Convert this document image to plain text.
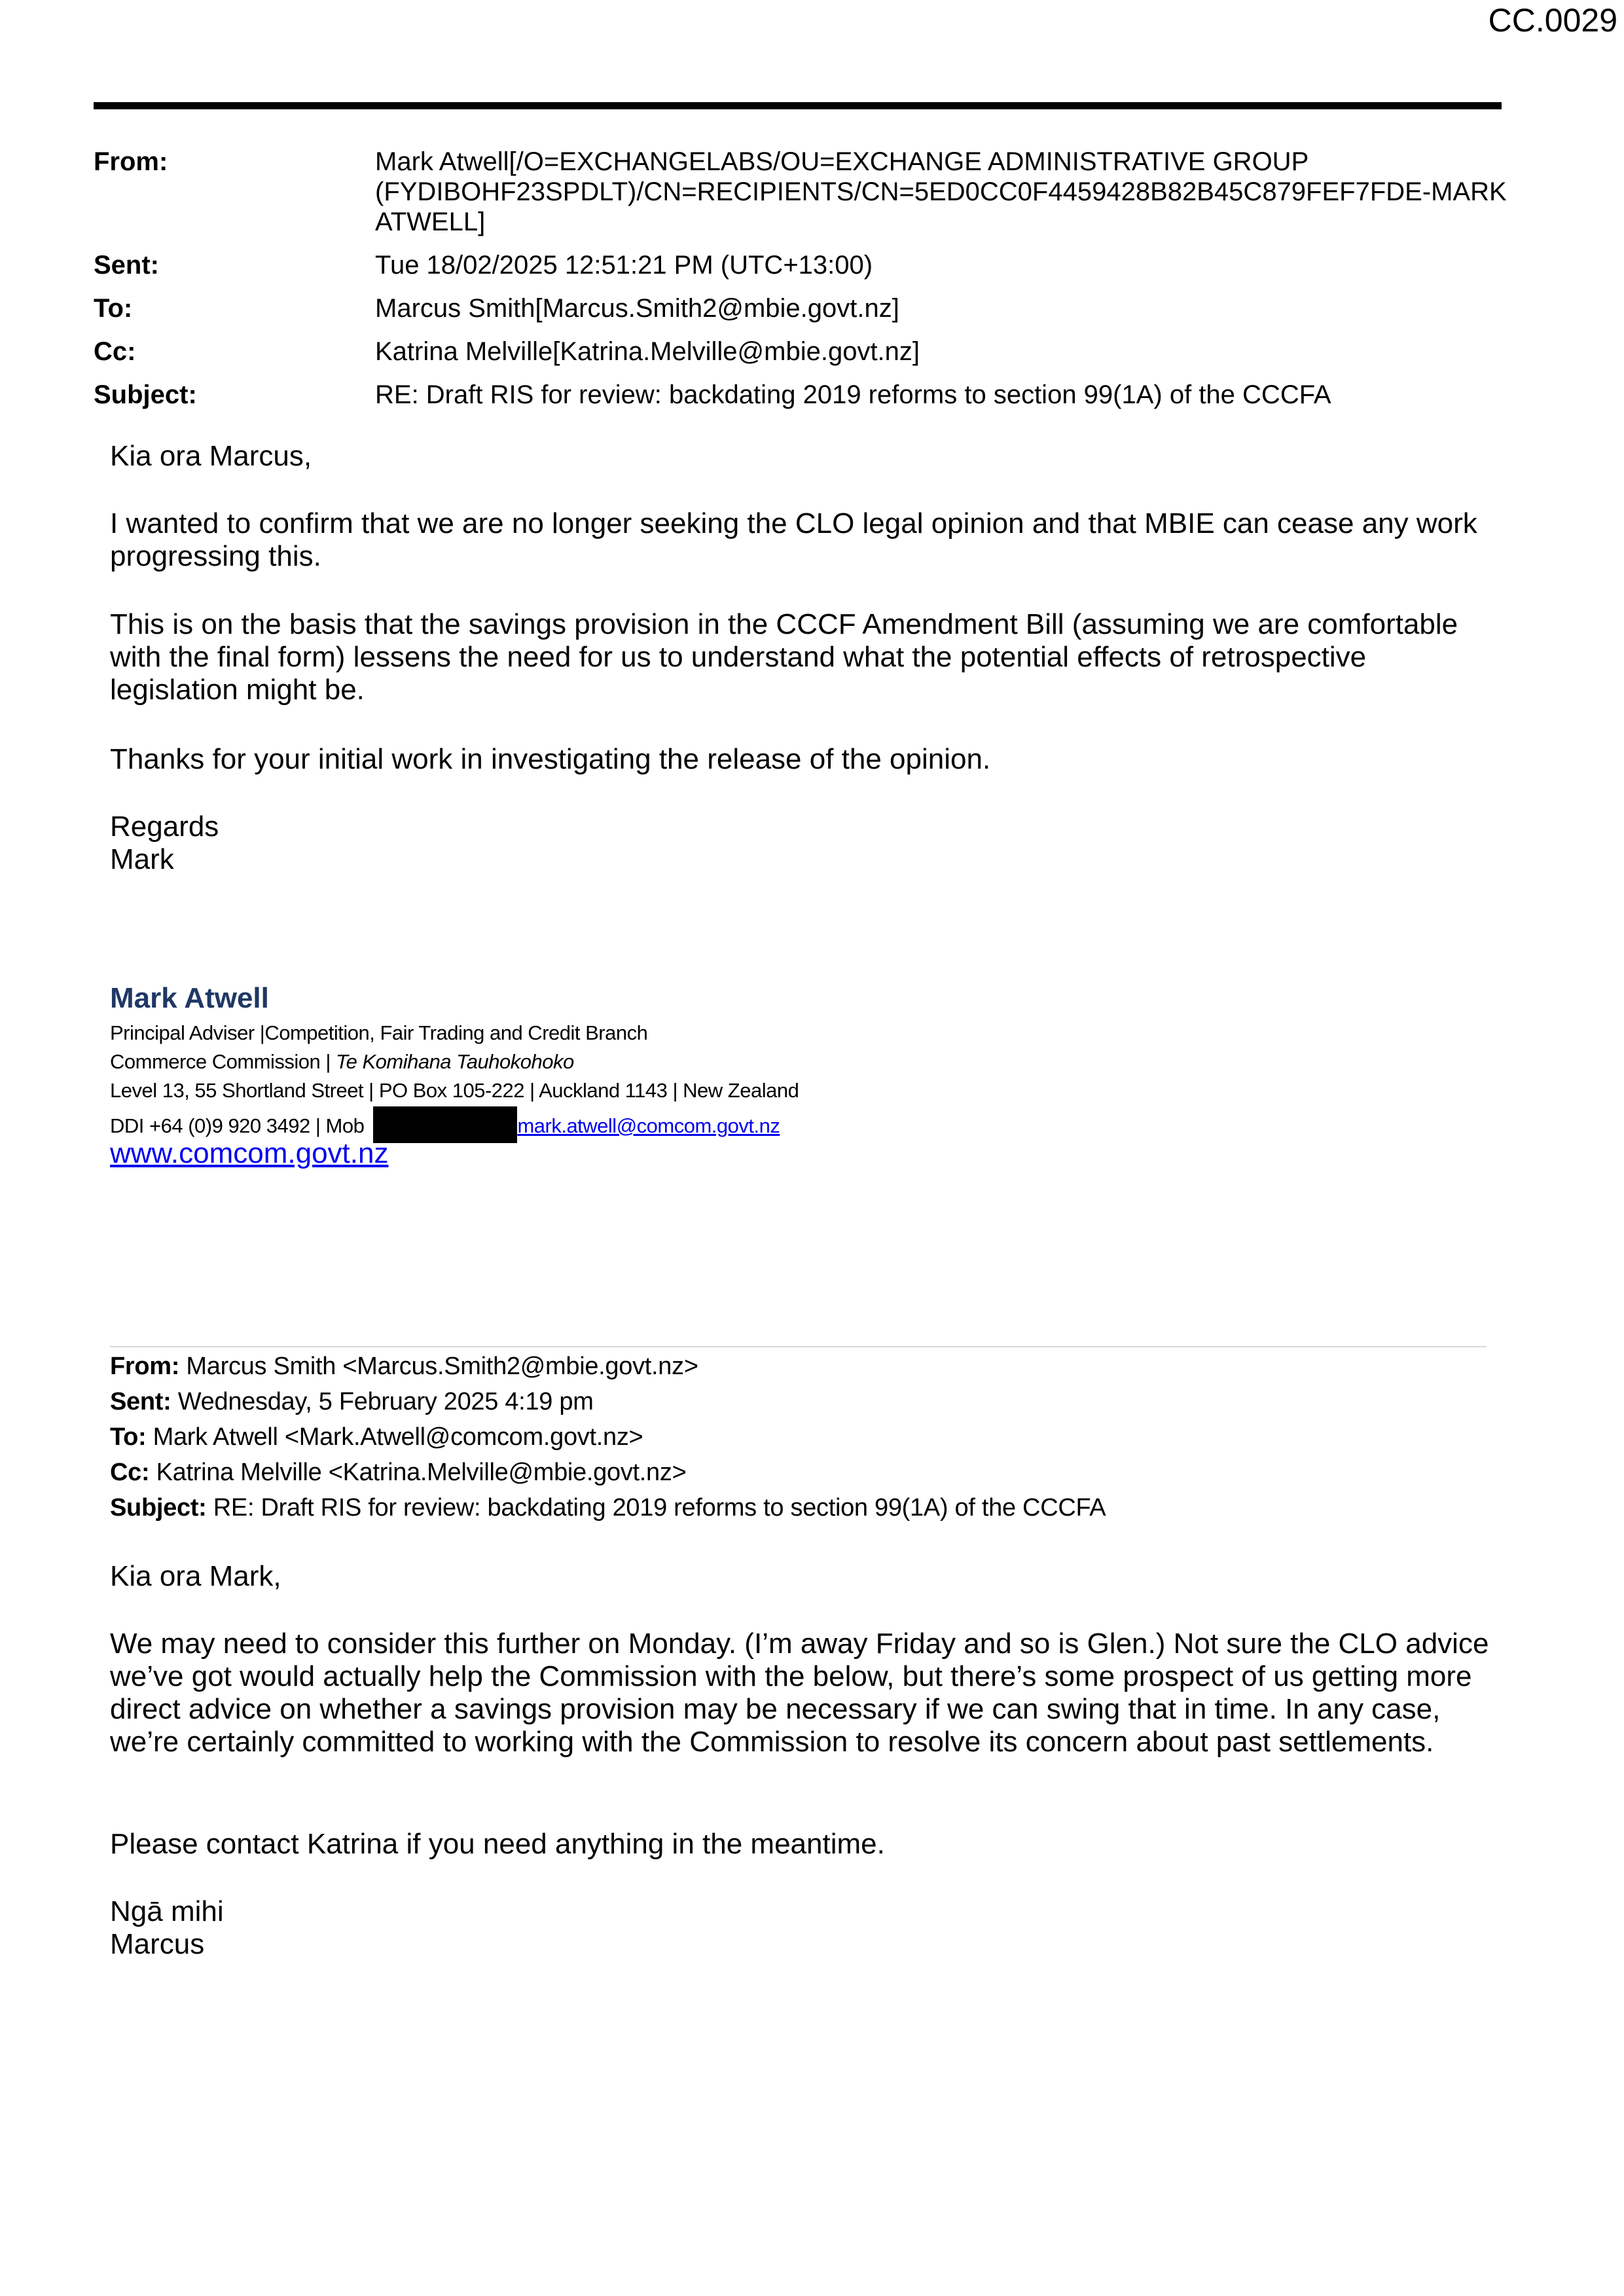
CC.0029
From:	Mark Atwell[/O=EXCHANGELABS/OU=EXCHANGE ADMINISTRATIVE GROUP (FYDIBOHF23SPDLT)/CN=RECIPIENTS/CN=5ED0CC0F4459428B82B45C879FEF7FDE-MARK ATWELL]
Sent:	Tue 18/02/2025 12:51:21 PM (UTC+13:00)
To:	Marcus Smith[Marcus.Smith2@mbie.govt.nz]
Cc:	Katrina Melville[Katrina.Melville@mbie.govt.nz]
Subject:	RE: Draft RIS for review: backdating 2019 reforms to section 99(1A) of the CCCFA
Kia ora Marcus,
I wanted to confirm that we are no longer seeking the CLO legal opinion and that MBIE can cease any work progressing this.
This is on the basis that the savings provision in the CCCF Amendment Bill (assuming we are comfortable with the final form) lessens the need for us to understand what the potential effects of retrospective legislation might be.
Thanks for your initial work in investigating the release of the opinion.
Regards
Mark
Mark Atwell
Principal Adviser |Competition, Fair Trading and Credit Branch
Commerce Commission | Te Komihana Tauhokohoko
Level 13, 55 Shortland Street | PO Box 105-222 | Auckland 1143 | New Zealand
DDI +64 (0)9 920 3492 | Mob	mark.atwell@comcom.govt.nz
www.comcom.govt.nz
From: Marcus Smith <Marcus.Smith2@mbie.govt.nz>
Sent: Wednesday, 5 February 2025 4:19 pm
To: Mark Atwell <Mark.Atwell@comcom.govt.nz>
Cc: Katrina Melville <Katrina.Melville@mbie.govt.nz>
Subject: RE: Draft RIS for review: backdating 2019 reforms to section 99(1A) of the CCCFA
Kia ora Mark,
We may need to consider this further on Monday. (I’m away Friday and so is Glen.) Not sure the CLO advice we’ve got would actually help the Commission with the below, but there’s some prospect of us getting more direct advice on whether a savings provision may be necessary if we can swing that in time. In any case, we’re certainly committed to working with the Commission to resolve its concern about past settlements.
Please contact Katrina if you need anything in the meantime.
Ngā mihi
Marcus
